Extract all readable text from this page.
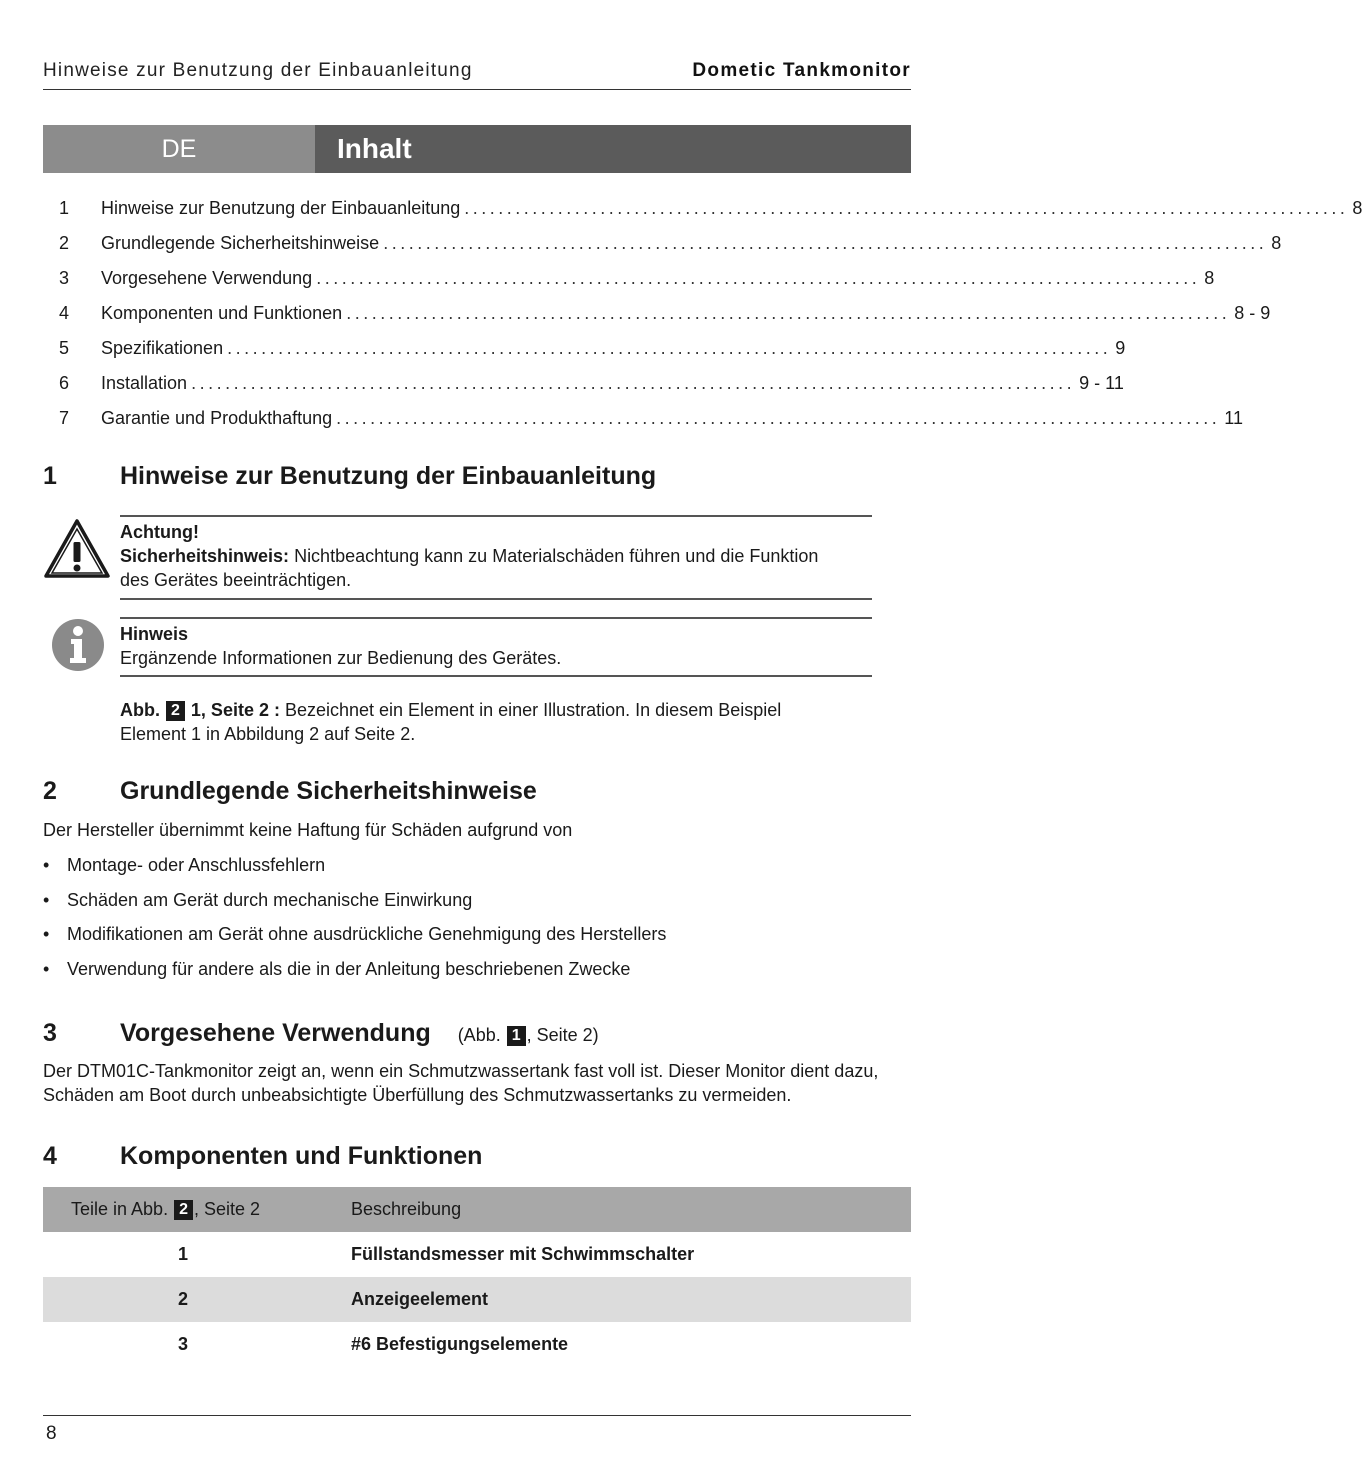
Hinweise zur Benutzung der Einbauanleitung	Dometic Tankmonitor
DE	Inhalt
1 Hinweise zur Benutzung der Einbauanleitung ........................................................................................................ 8
2 Grundlegende Sicherheitshinweise ........................................................................................................ 8
3 Vorgesehene Verwendung ........................................................................................................ 8
4 Komponenten und Funktionen ........................................................................................................ 8 - 9
5 Spezifikationen ........................................................................................................ 9
6 Installation ........................................................................................................ 9 - 11
7 Garantie und Produkthaftung ........................................................................................................ 11
1	Hinweise zur Benutzung der Einbauanleitung
Achtung!
Sicherheitshinweis: Nichtbeachtung kann zu Materialschäden führen und die Funktion
des Gerätes beeinträchtigen.
Hinweis
Ergänzende Informationen zur Bedienung des Gerätes.
Abb. 2 1, Seite 2 : Bezeichnet ein Element in einer Illustration. In diesem Beispiel
Element 1 in Abbildung 2 auf Seite 2.
2	Grundlegende Sicherheitshinweise
Der Hersteller übernimmt keine Haftung für Schäden aufgrund von
• Montage- oder Anschlussfehlern
• Schäden am Gerät durch mechanische Einwirkung
• Modifikationen am Gerät ohne ausdrückliche Genehmigung des Herstellers
• Verwendung für andere als die in der Anleitung beschriebenen Zwecke
3	Vorgesehene Verwendung (Abb. 1 , Seite 2)
Der DTM01C-Tankmonitor zeigt an, wenn ein Schmutzwassertank fast voll ist. Dieser Monitor dient dazu,
Schäden am Boot durch unbeabsichtigte Überfüllung des Schmutzwassertanks zu vermeiden.
4	Komponenten und Funktionen
Teile in Abb. 2 , Seite 2	Beschreibung
1	Füllstandsmesser mit Schwimmschalter
2	Anzeigeelement
3	#6 Befestigungselemente
8
